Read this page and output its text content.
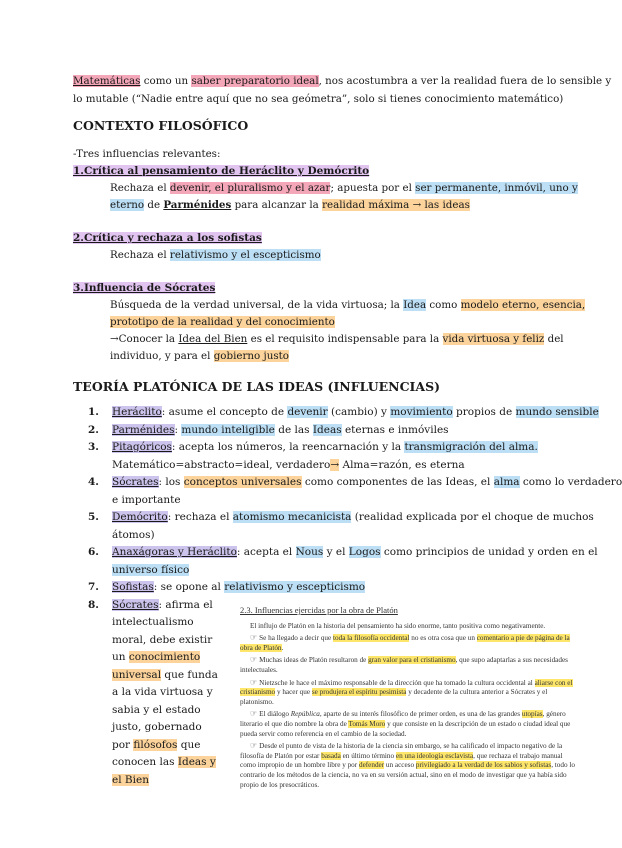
Matemáticas como un saber preparatorio ideal, nos acostumbra a ver la realidad fuera de lo sensible y
lo mutable (“Nadie entre aquí que no sea geómetra”, solo si tienes conocimiento matemático)
CONTEXTO FILOSÓFICO
-Tres influencias relevantes:
1.Crítica al pensamiento de Heráclito y Demócrito
Rechaza el devenir, el pluralismo y el azar; apuesta por el ser permanente, inmóvil, uno y
eterno de Parménides para alcanzar la realidad máxima → las ideas
2.Crítica y rechaza a los sofistas
Rechaza el relativismo y el escepticismo
3.Influencia de Sócrates
Búsqueda de la verdad universal, de la vida virtuosa; la Idea como modelo eterno, esencia,
prototipo de la realidad y del conocimiento
→Conocer la Idea del Bien es el requisito indispensable para la vida virtuosa y feliz del
individuo, y para el gobierno justo
TEORÍA PLATÓNICA DE LAS IDEAS (INFLUENCIAS)
1. Heráclito: asume el concepto de devenir (cambio) y movimiento propios de mundo sensible
2. Parménides: mundo inteligible de las Ideas eternas e inmóviles
3. Pitagóricos: acepta los números, la reencarnación y la transmigración del alma.
Matemático=abstracto=ideal, verdadero→ Alma=razón, es eterna
4. Sócrates: los conceptos universales como componentes de las Ideas, el alma como lo verdadero
e importante
5. Demócrito: rechaza el atomismo mecanicista (realidad explicada por el choque de muchos
átomos)
6. Anaxágoras y Heráclito: acepta el Nous y el Logos como principios de unidad y orden en el
universo físico
7. Sofistas: se opone al relativismo y escepticismo
8. Sócrates: afirma el
intelectualismo
moral, debe existir
un conocimiento
universal que funda
a la vida virtuosa y
sabia y el estado
justo, gobernado
por filósofos que
conocen las Ideas y
el Bien

2.3. Influencias ejercidas por la obra de Platón

El influjo de Platón en la historia del pensamiento ha sido enorme, tanto positiva como negativamente.

☞ Se ha llegado a decir que toda la filosofía occidental no es otra cosa que un comentario a pie de página de la obra de Platón.

☞ Muchas ideas de Platón resultaron de gran valor para el cristianismo, que supo adaptarlas a sus necesidades intelectuales.

☞ Nietzsche le hace el máximo responsable de la dirección que ha tomado la cultura occidental al aliarse con el cristianismo y hacer que se produjera el espíritu pesimista y decadente de la cultura anterior a Sócrates y el platonismo.

☞ El diálogo República, aparte de su interés filosófico de primer orden, es una de las grandes utopías, género literario el que dio nombre la obra de Tomás Moro y que consiste en la descripción de un estado o ciudad ideal que pueda servir como referencia en el cambio de la sociedad.

☞ Desde el punto de vista de la historia de la ciencia sin embargo, se ha calificado el impacto negativo de la filosofía de Platón por estar basada en último término en una ideología esclavista, que rechaza el trabajo manual como impropio de un hombre libre y por defender un acceso privilegiado a la verdad de los sabios y sofistas, todo lo contrario de los métodos de la ciencia, no va en su versión actual, sino en el modo de investigar que ya había sido propio de los presocráticos.
